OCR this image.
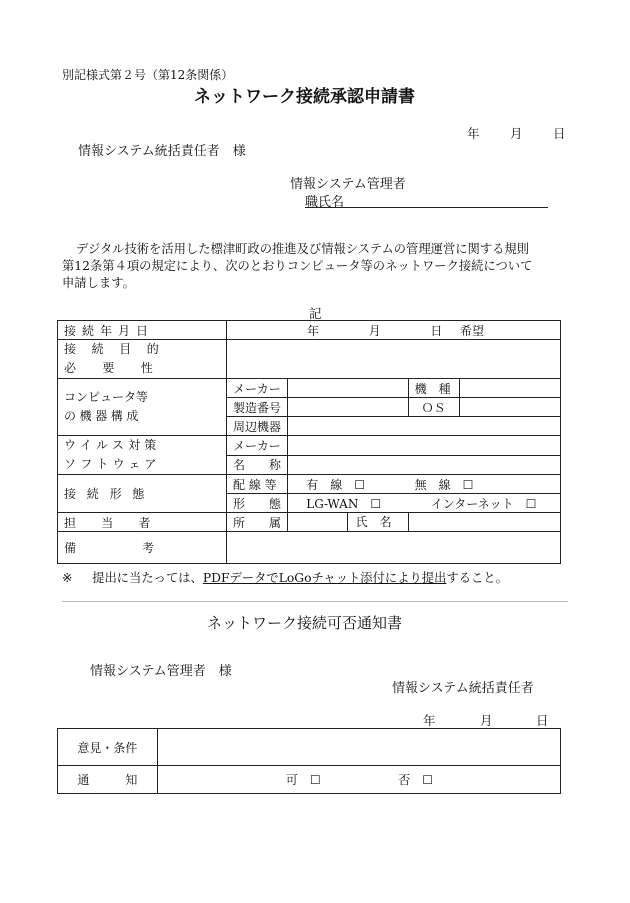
別記様式第２号（第12条関係）
ネットワーク接続承認申請書
年 月 日
情報システム統括責任者　様
情報システム管理者
職氏名
デジタル技術を活用した標津町政の推進及び情報システムの管理運営に関する規則
第12条第４項の規定により、次のとおりコンピュータ等のネットワーク接続について
申請します。
記
接続年月日	年 月 日 希望			

接続目的
必要性				

コンピュータ等
の機器構成	メーカー		機　種	
	製造番号		ＯＳ	
	周辺機器			

ウイルス対策
ソフトウェア	メーカー			
	名　　称			
接続形態	配 線 等	有　線　☐ 無　線　☐		
	形　　態	LG-WAN　☐ インターネット　☐		
担当者	所　　属	氏　名		

備考				
※ 提出に当たっては、PDFデータでLoGoチャット添付により提出すること。
ネットワーク接続可否通知書
情報システム管理者　様
情報システム統括責任者
年	月	日
意見・条件	
通　　　知	可　☐ 否　☐
